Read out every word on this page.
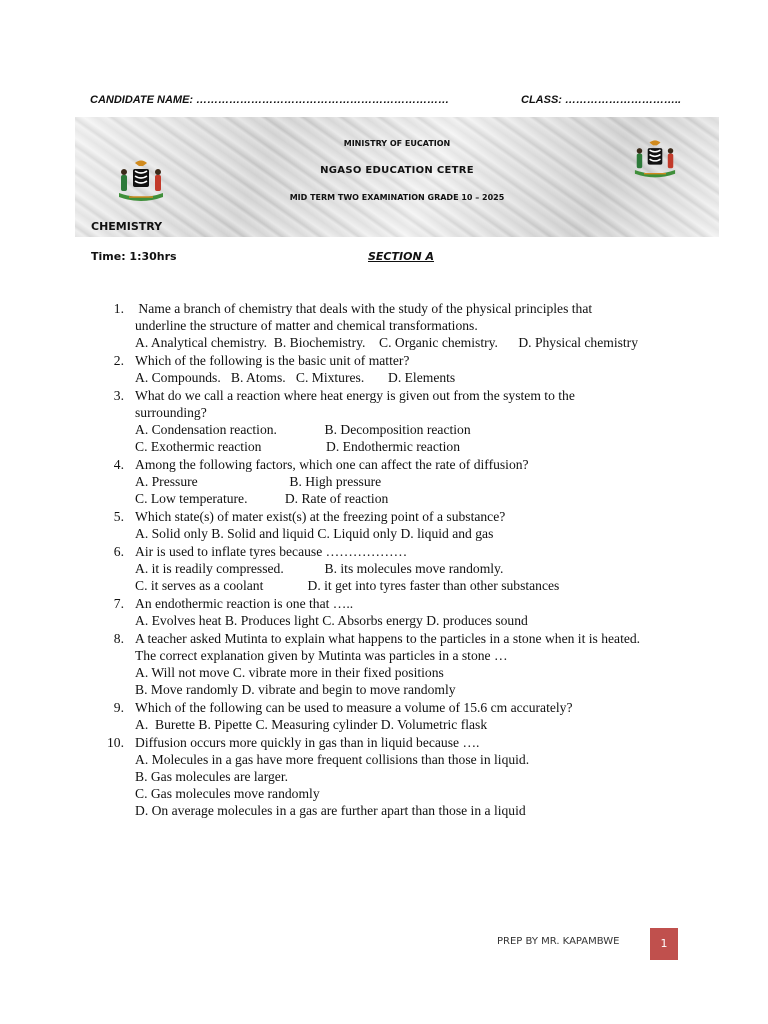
CANDIDATE NAME: ……………………………………………………………	CLASS: …………………………..
MINISTRY OF EUCATION
NGASO EDUCATION CETRE
MID TERM TWO EXAMINATION GRADE 10 – 2025
CHEMISTRY
Time: 1:30hrs	SECTION A
1. Name a branch of chemistry that deals with the study of the physical principles that
underline the structure of matter and chemical transformations.
A. Analytical chemistry.  B. Biochemistry.    C. Organic chemistry.      D. Physical chemistry
2. Which of the following is the basic unit of matter?
A. Compounds.   B. Atoms.   C. Mixtures.       D. Elements
3. What do we call a reaction where heat energy is given out from the system to the
surrounding?
A. Condensation reaction.              B. Decomposition reaction
C. Exothermic reaction                   D. Endothermic reaction
4. Among the following factors, which one can affect the rate of diffusion?
A. Pressure                           B. High pressure
C. Low temperature.           D. Rate of reaction
5. Which state(s) of mater exist(s) at the freezing point of a substance?
A. Solid only B. Solid and liquid C. Liquid only D. liquid and gas
6. Air is used to inflate tyres because ………………
A. it is readily compressed.            B. its molecules move randomly.
C. it serves as a coolant             D. it get into tyres faster than other substances
7. An endothermic reaction is one that …..
A. Evolves heat B. Produces light C. Absorbs energy D. produces sound
8. A teacher asked Mutinta to explain what happens to the particles in a stone when it is heated.
The correct explanation given by Mutinta was particles in a stone …
A. Will not move C. vibrate more in their fixed positions
B. Move randomly D. vibrate and begin to move randomly
9. Which of the following can be used to measure a volume of 15.6 cm accurately?
A.  Burette B. Pipette C. Measuring cylinder D. Volumetric flask
10. Diffusion occurs more quickly in gas than in liquid because ….
A. Molecules in a gas have more frequent collisions than those in liquid.
B. Gas molecules are larger.
C. Gas molecules move randomly
D. On average molecules in a gas are further apart than those in a liquid
PREP BY MR. KAPAMBWE	1
